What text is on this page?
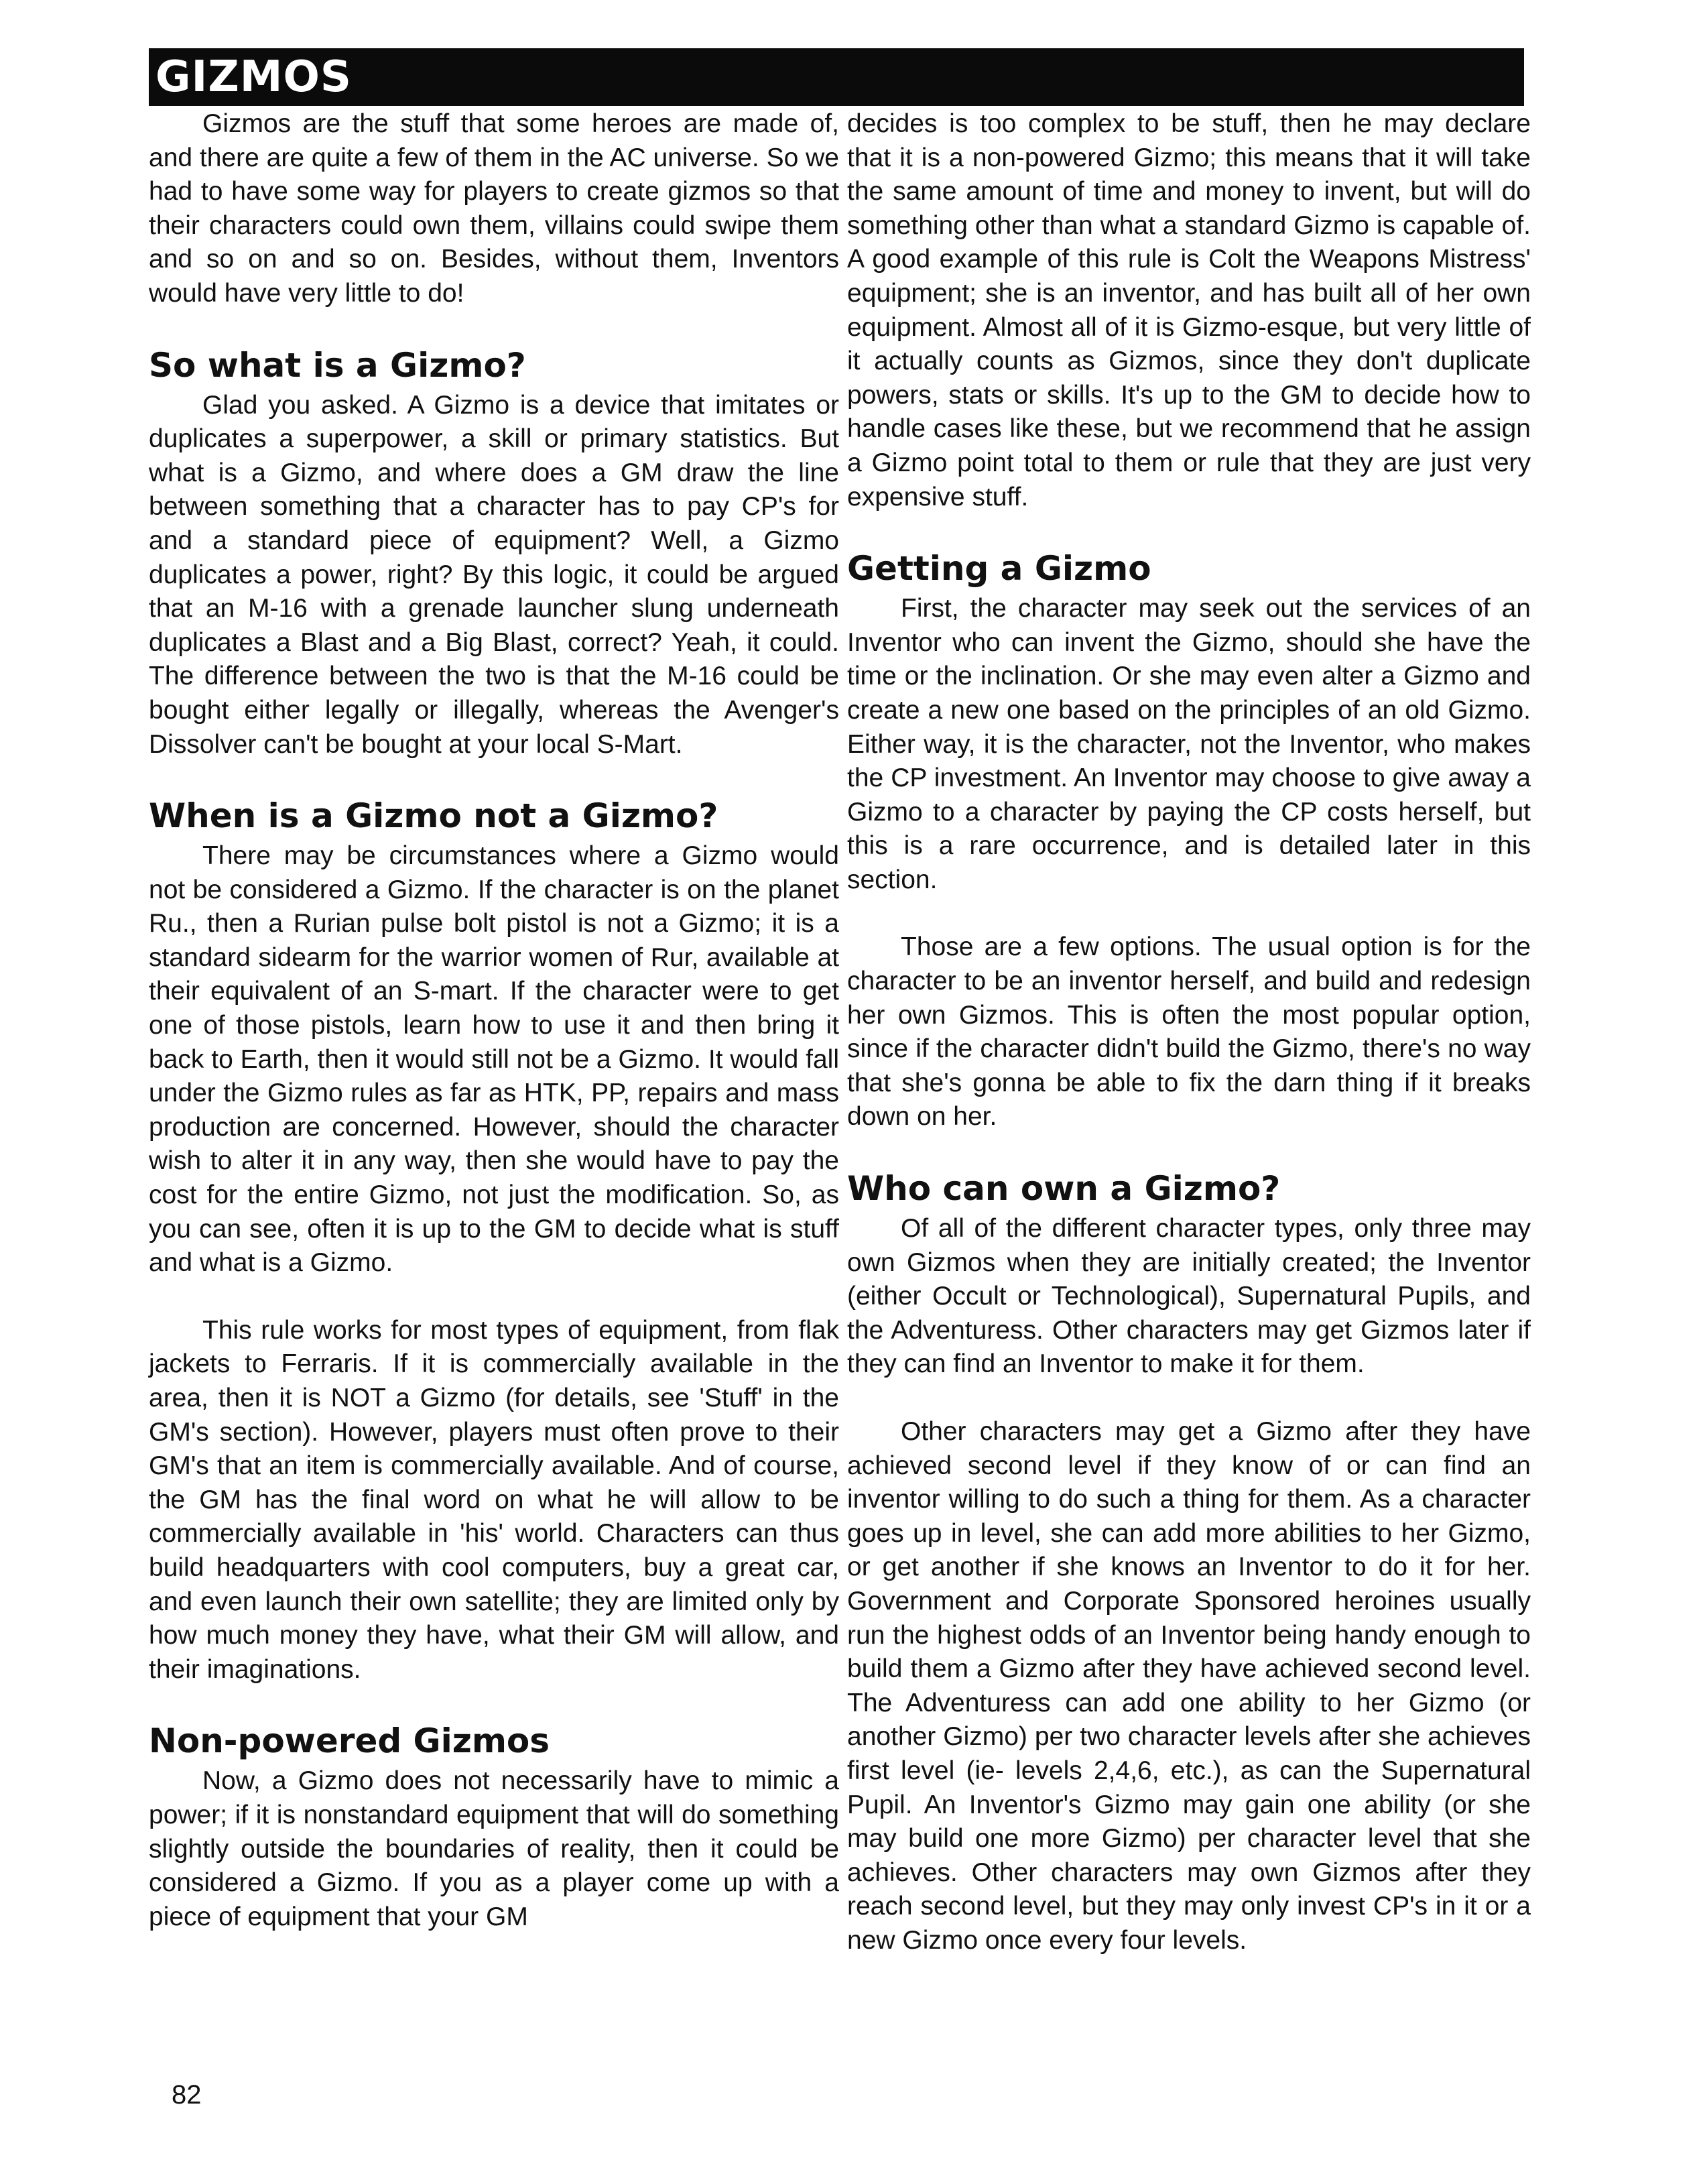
GIZMOS

Gizmos are the stuff that some heroes are made of, and there are quite a few of them in the AC universe. So we had to have some way for players to create gizmos so that their characters could own them, villains could swipe them and so on and so on. Besides, without them, Inventors would have very little to do!

So what is a Gizmo?

Glad you asked. A Gizmo is a device that imitates or duplicates a superpower, a skill or primary statistics. But what is a Gizmo, and where does a GM draw the line between something that a character has to pay CP's for and a standard piece of equipment? Well, a Gizmo duplicates a power, right? By this logic, it could be argued that an M-16 with a grenade launcher slung underneath duplicates a Blast and a Big Blast, correct? Yeah, it could. The difference between the two is that the M-16 could be bought either legally or illegally, whereas the Avenger's Dissolver can't be bought at your local S-Mart.

When is a Gizmo not a Gizmo?

There may be circumstances where a Gizmo would not be considered a Gizmo. If the character is on the planet Ru., then a Rurian pulse bolt pistol is not a Gizmo; it is a standard sidearm for the warrior women of Rur, available at their equivalent of an S-mart. If the character were to get one of those pistols, learn how to use it and then bring it back to Earth, then it would still not be a Gizmo. It would fall under the Gizmo rules as far as HTK, PP, repairs and mass production are concerned. However, should the character wish to alter it in any way, then she would have to pay the cost for the entire Gizmo, not just the modification. So, as you can see, often it is up to the GM to decide what is stuff and what is a Gizmo.

This rule works for most types of equipment, from flak jackets to Ferraris. If it is commercially available in the area, then it is NOT a Gizmo (for details, see 'Stuff' in the GM's section). However, players must often prove to their GM's that an item is commercially available. And of course, the GM has the final word on what he will allow to be commercially available in 'his' world. Characters can thus build headquarters with cool computers, buy a great car, and even launch their own satellite; they are limited only by how much money they have, what their GM will allow, and their imaginations.

Non-powered Gizmos

Now, a Gizmo does not necessarily have to mimic a power; if it is nonstandard equipment that will do something slightly outside the boundaries of reality, then it could be considered a Gizmo. If you as a player come up with a piece of equipment that your GM

decides is too complex to be stuff, then he may declare that it is a non-powered Gizmo; this means that it will take the same amount of time and money to invent, but will do something other than what a standard Gizmo is capable of. A good example of this rule is Colt the Weapons Mistress' equipment; she is an inventor, and has built all of her own equipment. Almost all of it is Gizmo-esque, but very little of it actually counts as Gizmos, since they don't duplicate powers, stats or skills. It's up to the GM to decide how to handle cases like these, but we recommend that he assign a Gizmo point total to them or rule that they are just very expensive stuff.

Getting a Gizmo

First, the character may seek out the services of an Inventor who can invent the Gizmo, should she have the time or the inclination. Or she may even alter a Gizmo and create a new one based on the principles of an old Gizmo. Either way, it is the character, not the Inventor, who makes the CP investment. An Inventor may choose to give away a Gizmo to a character by paying the CP costs herself, but this is a rare occurrence, and is detailed later in this section.

Those are a few options. The usual option is for the character to be an inventor herself, and build and redesign her own Gizmos. This is often the most popular option, since if the character didn't build the Gizmo, there's no way that she's gonna be able to fix the darn thing if it breaks down on her.

Who can own a Gizmo?

Of all of the different character types, only three may own Gizmos when they are initially created; the Inventor (either Occult or Technological), Supernatural Pupils, and the Adventuress. Other characters may get Gizmos later if they can find an Inventor to make it for them.

Other characters may get a Gizmo after they have achieved second level if they know of or can find an inventor willing to do such a thing for them. As a character goes up in level, she can add more abilities to her Gizmo, or get another if she knows an Inventor to do it for her. Government and Corporate Sponsored heroines usually run the highest odds of an Inventor being handy enough to build them a Gizmo after they have achieved second level. The Adventuress can add one ability to her Gizmo (or another Gizmo) per two character levels after she achieves first level (ie- levels 2,4,6, etc.), as can the Supernatural Pupil. An Inventor's Gizmo may gain one ability (or she may build one more Gizmo) per character level that she achieves. Other characters may own Gizmos after they reach second level, but they may only invest CP's in it or a new Gizmo once every four levels.

82
